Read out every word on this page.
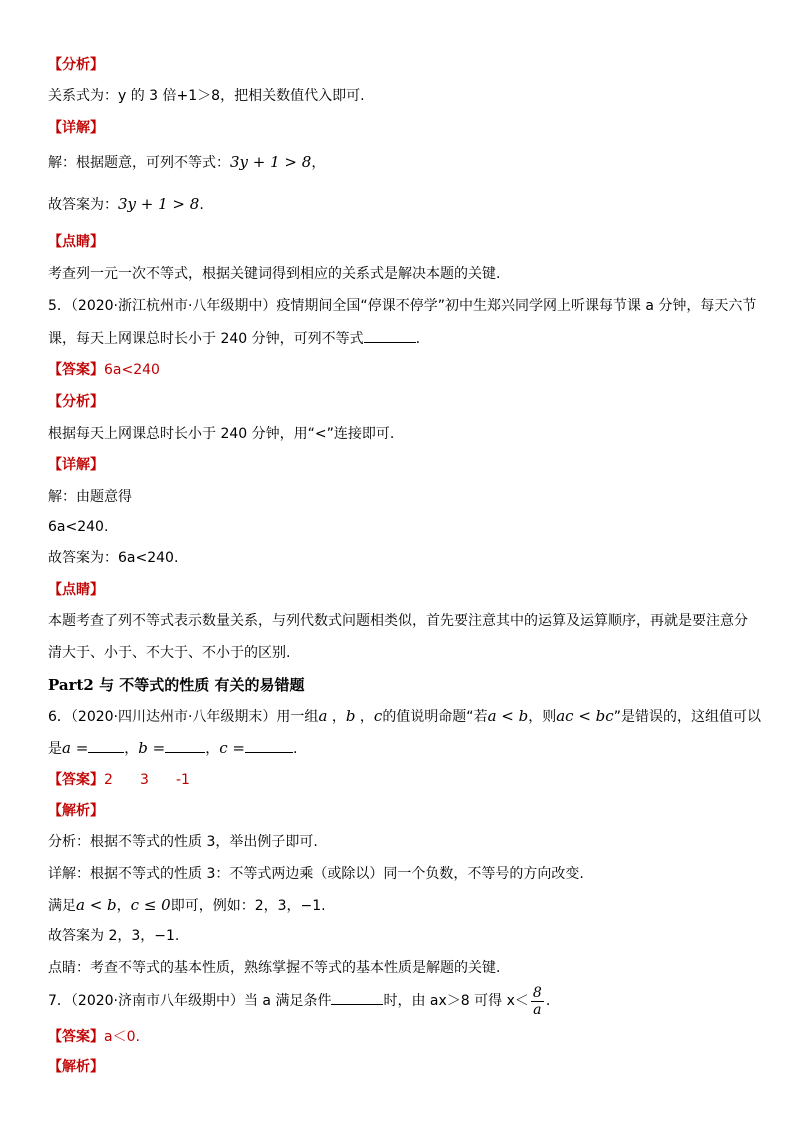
【分析】
关系式为：y 的 3 倍+1＞8，把相关数值代入即可.
【详解】
解：根据题意，可列不等式：3y + 1 > 8，
故答案为：3y + 1 > 8.
【点睛】
考查列一元一次不等式，根据关键词得到相应的关系式是解决本题的关键.
5．（2020·浙江杭州市·八年级期中）疫情期间全国“停课不停学”初中生郑兴同学网上听课每节课 a 分钟，每天六节
课，每天上网课总时长小于 240 分钟，可列不等式	.
【答案】6a<240
【分析】
根据每天上网课总时长小于 240 分钟，用“<”连接即可.
【详解】
解：由题意得
6a<240.
故答案为：6a<240.
【点睛】
本题考查了列不等式表示数量关系，与列代数式问题相类似，首先要注意其中的运算及运算顺序，再就是要注意分
清大于、小于、不大于、不小于的区别.
Part2 与 不等式的性质 有关的易错题
6．（2020·四川达州市·八年级期末）用一组a ，b ，c的值说明命题“若a < b，则ac < bc”是错误的，这组值可以
是a =	，b =	，c =	.
【答案】2 3 -1
【解析】
分析：根据不等式的性质 3，举出例子即可.
详解：根据不等式的性质 3：不等式两边乘（或除以）同一个负数，不等号的方向改变.
满足a < b，c ≤ 0即可，例如：2，3，−1.
故答案为 2，3，−1.
点睛：考查不等式的基本性质，熟练掌握不等式的基本性质是解题的关键.
7．（2020·济南市八年级期中）当 a 满足条件	时，由 ax＞8 可得 $x< \frac{8}{a}$ .
【答案】a＜0.
【解析】
